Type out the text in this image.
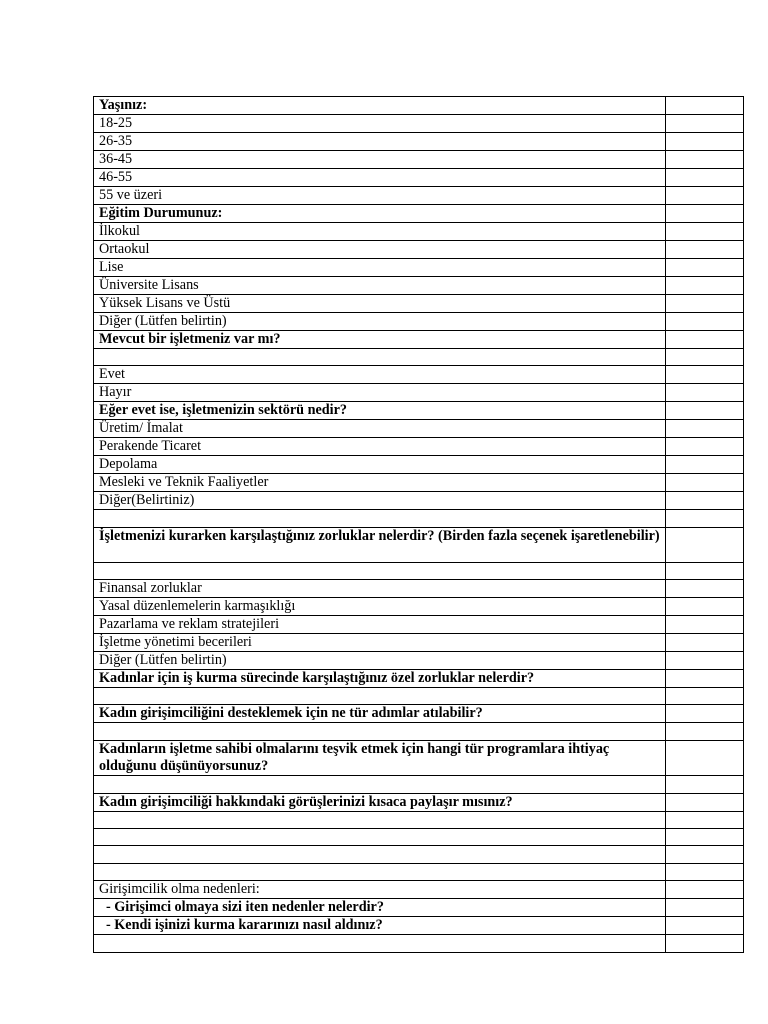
Yaşınız:	
18-25	
26-35	
36-45	
46-55	
55 ve üzeri	
Eğitim Durumunuz:	
İlkokul	
Ortaokul	
Lise	
Üniversite Lisans	
Yüksek Lisans ve Üstü	
Diğer (Lütfen belirtin)	
Mevcut bir işletmeniz var mı?	

Evet	
Hayır	
Eğer evet ise, işletmenizin sektörü nedir?	
Üretim/ İmalat	
Perakende Ticaret	
Depolama	
Mesleki ve Teknik Faaliyetler	
Diğer(Belirtiniz)	

İşletmenizi kurarken karşılaştığınız zorluklar nelerdir? (Birden fazla seçenek işaretlenebilir)	

Finansal zorluklar	
Yasal düzenlemelerin karmaşıklığı	
Pazarlama ve reklam stratejileri	
İşletme yönetimi becerileri	
Diğer (Lütfen belirtin)	
Kadınlar için iş kurma sürecinde karşılaştığınız özel zorluklar nelerdir?	

Kadın girişimciliğini desteklemek için ne tür adımlar atılabilir?	

Kadınların işletme sahibi olmalarını teşvik etmek için hangi tür programlara ihtiyaç olduğunu düşünüyorsunuz?	

Kadın girişimciliği hakkındaki görüşlerinizi kısaca paylaşır mısınız?	

Girişimcilik olma nedenleri:	
- Girişimci olmaya sizi iten nedenler nelerdir?	
- Kendi işinizi kurma kararınızı nasıl aldınız?	
